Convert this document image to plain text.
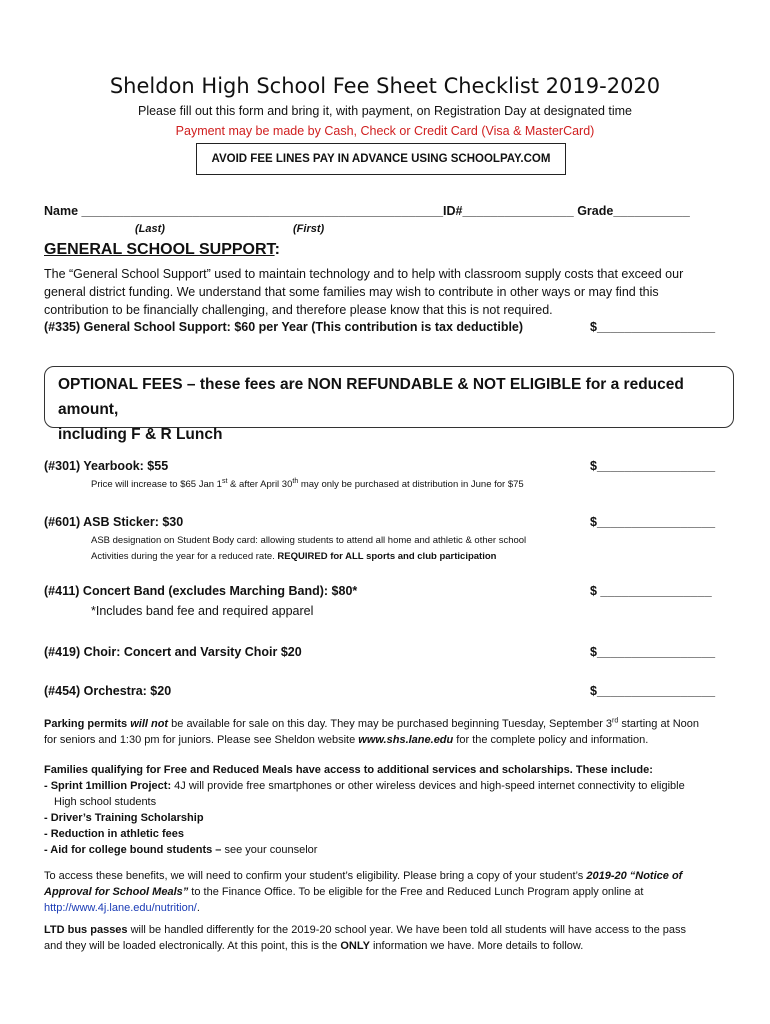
Sheldon High School Fee Sheet Checklist 2019-2020
Please fill out this form and bring it, with payment, on Registration Day at designated time
Payment may be made by Cash, Check or Credit Card (Visa & MasterCard)
AVOID FEE LINES PAY IN ADVANCE USING SCHOOLPAY.COM
Name ____________________________________________________ID#________________ Grade___________
(Last)	(First)
GENERAL SCHOOL SUPPORT:
The “General School Support” used to maintain technology and to help with classroom supply costs that exceed our
general district funding. We understand that some families may wish to contribute in other ways or may find this
contribution to be financially challenging, and therefore please know that this is not required.
(#335) General School Support: $60 per Year (This contribution is tax deductible)	$_________________
OPTIONAL FEES – these fees are NON REFUNDABLE & NOT ELIGIBLE for a reduced amount,
including F & R Lunch
(#301) Yearbook: $55	$_________________
Price will increase to $65 Jan 1st & after April 30th may only be purchased at distribution in June for $75
(#601) ASB Sticker: $30	$_________________
ASB designation on Student Body card: allowing students to attend all home and athletic & other school
Activities during the year for a reduced rate. REQUIRED for ALL sports and club participation
(#411) Concert Band (excludes Marching Band): $80*	$ ________________
*Includes band fee and required apparel
(#419) Choir: Concert and Varsity Choir $20	$_________________
(#454) Orchestra: $20	$_________________
Parking permits will not be available for sale on this day. They may be purchased beginning Tuesday, September 3rd starting at Noon
for seniors and 1:30 pm for juniors. Please see Sheldon website www.shs.lane.edu for the complete policy and information.
Families qualifying for Free and Reduced Meals have access to additional services and scholarships. These include:
- Sprint 1million Project: 4J will provide free smartphones or other wireless devices and high-speed internet connectivity to eligible
High school students
- Driver’s Training Scholarship
- Reduction in athletic fees
- Aid for college bound students – see your counselor
To access these benefits, we will need to confirm your student’s eligibility. Please bring a copy of your student’s 2019-20 “Notice of
Approval for School Meals” to the Finance Office. To be eligible for the Free and Reduced Lunch Program apply online at
http://www.4j.lane.edu/nutrition/.
LTD bus passes will be handled differently for the 2019-20 school year. We have been told all students will have access to the pass
and they will be loaded electronically. At this point, this is the ONLY information we have. More details to follow.
